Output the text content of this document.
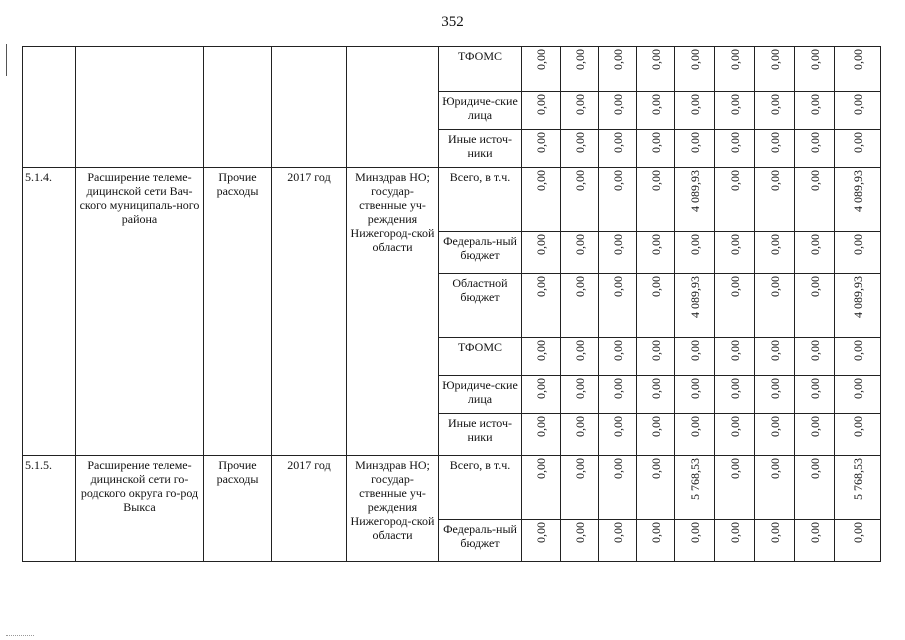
352
					ТФОМС	0,00	0,00	0,00	0,00	0,00	0,00	0,00	0,00	0,00
					Юридиче-ские лица	0,00	0,00	0,00	0,00	0,00	0,00	0,00	0,00	0,00
					Иные источ-ники	0,00	0,00	0,00	0,00	0,00	0,00	0,00	0,00	0,00
5.1.4.	Расширение телеме-дицинской сети Вач-ского муниципаль-ного района	Прочие расходы	2017 год	Минздрав НО; государ-ственные уч-реждения Нижегород-ской области	Всего, в т.ч.	0,00	0,00	0,00	0,00	4 089,93	0,00	0,00	0,00	4 089,93
					Федераль-ный бюджет	0,00	0,00	0,00	0,00	0,00	0,00	0,00	0,00	0,00
					Областной бюджет	0,00	0,00	0,00	0,00	4 089,93	0,00	0,00	0,00	4 089,93
					ТФОМС	0,00	0,00	0,00	0,00	0,00	0,00	0,00	0,00	0,00
					Юридиче-ские лица	0,00	0,00	0,00	0,00	0,00	0,00	0,00	0,00	0,00
					Иные источ-ники	0,00	0,00	0,00	0,00	0,00	0,00	0,00	0,00	0,00
5.1.5.	Расширение телеме-дицинской сети го-родского округа го-род Выкса	Прочие расходы	2017 год	Минздрав НО; государ-ственные уч-реждения Нижегород-ской области	Всего, в т.ч.	0,00	0,00	0,00	0,00	5 768,53	0,00	0,00	0,00	5 768,53
					Федераль-ный бюджет	0,00	0,00	0,00	0,00	0,00	0,00	0,00	0,00	0,00
